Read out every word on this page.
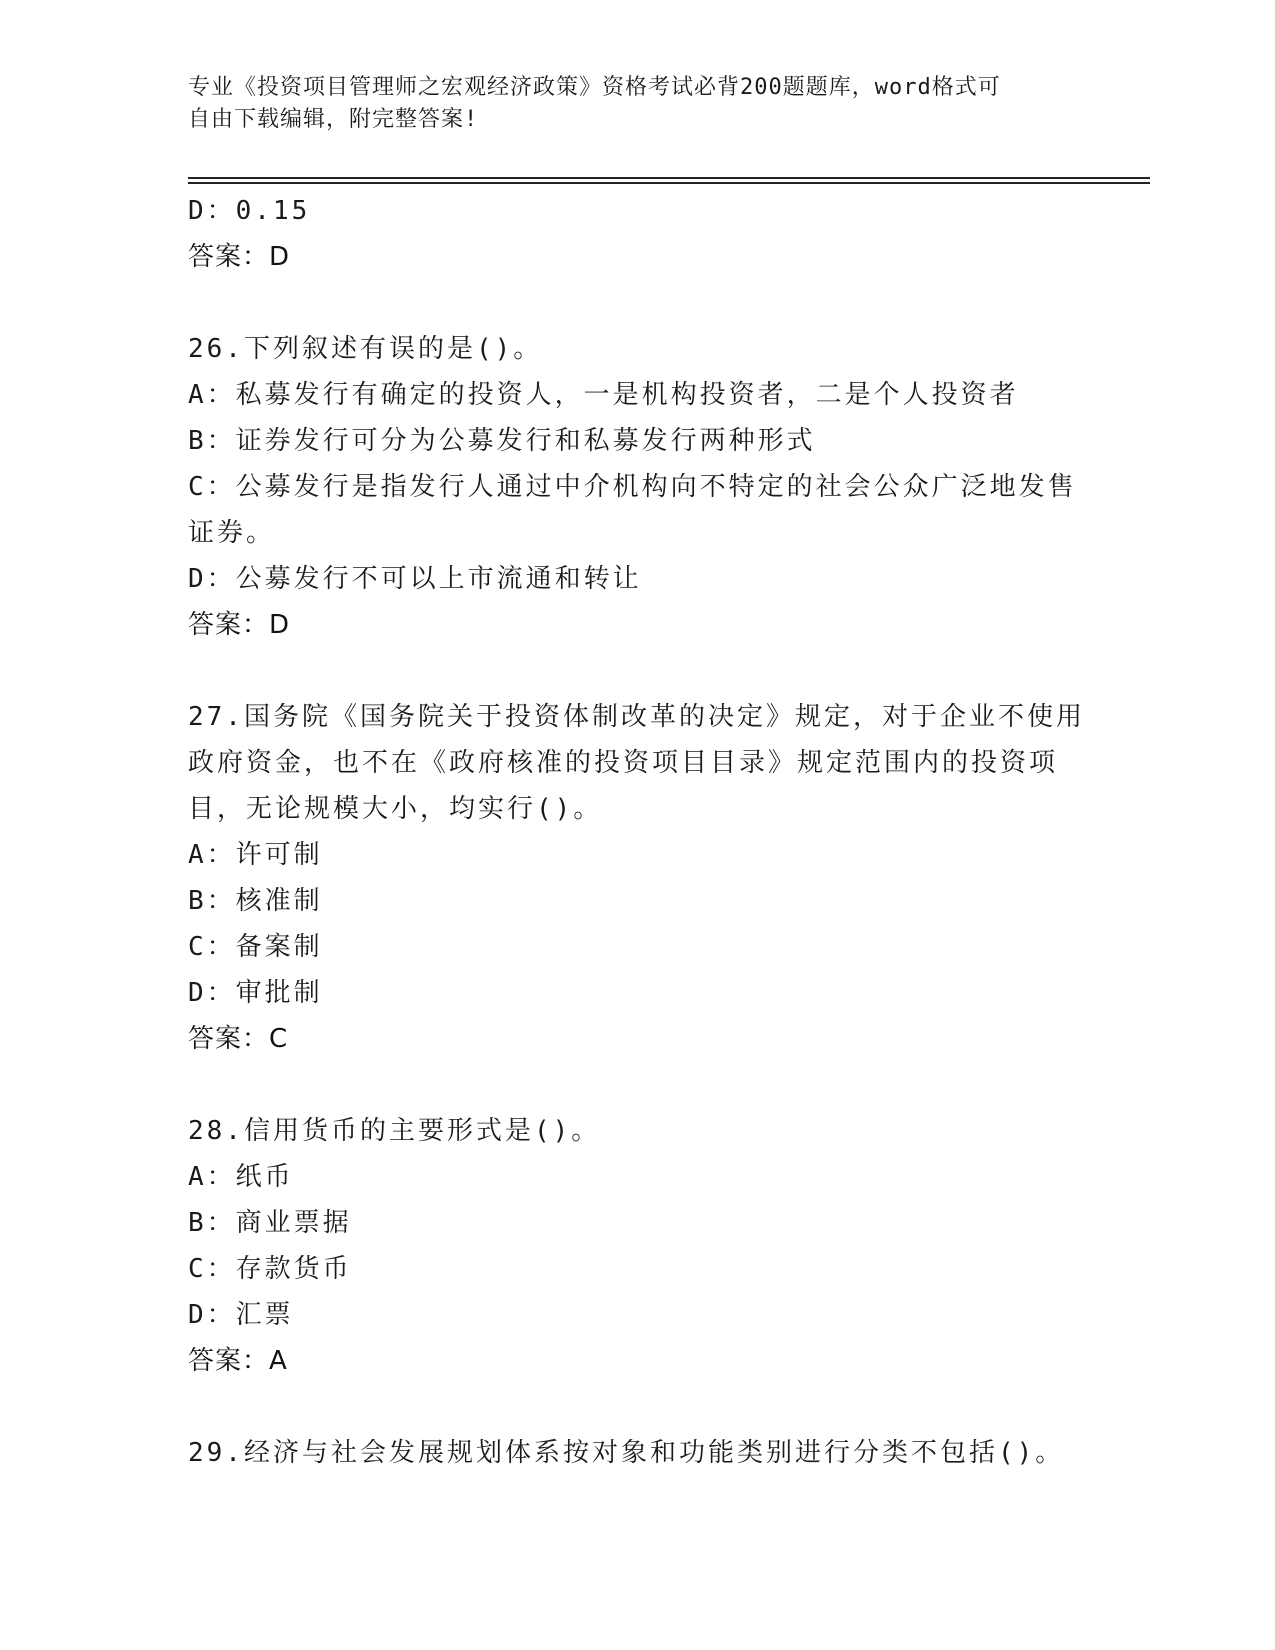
专业《投资项目管理师之宏观经济政策》资格考试必背200题题库，word格式可
自由下载编辑，附完整答案!
D：0.15
答案：D
26.下列叙述有误的是()。
A：私募发行有确定的投资人，一是机构投资者，二是个人投资者
B：证券发行可分为公募发行和私募发行两种形式
C：公募发行是指发行人通过中介机构向不特定的社会公众广泛地发售
证券。
D：公募发行不可以上市流通和转让
答案：D
27.国务院《国务院关于投资体制改革的决定》规定，对于企业不使用
政府资金，也不在《政府核准的投资项目目录》规定范围内的投资项
目，无论规模大小，均实行()。
A：许可制
B：核准制
C：备案制
D：审批制
答案：C
28.信用货币的主要形式是()。
A：纸币
B：商业票据
C：存款货币
D：汇票
答案：A
29.经济与社会发展规划体系按对象和功能类别进行分类不包括()。
